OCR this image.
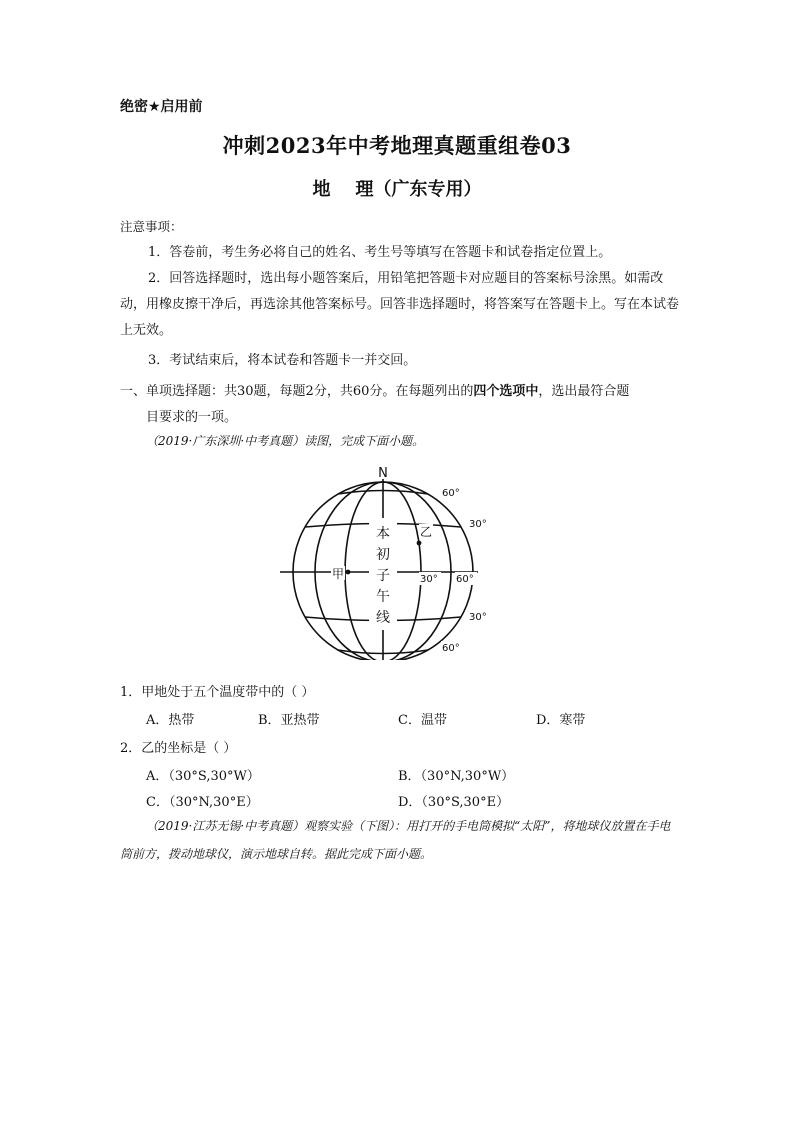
绝密★启用前
冲刺2023年中考地理真题重组卷03
地    理（广东专用）
注意事项：
1．答卷前，考生务必将自己的姓名、考生号等填写在答题卡和试卷指定位置上。
2．回答选择题时，选出每小题答案后，用铅笔把答题卡对应题目的答案标号涂黑。如需改动，用橡皮擦干净后，再选涂其他答案标号。回答非选择题时，将答案写在答题卡上。写在本试卷上无效。
3．考试结束后，将本试卷和答题卡一并交回。
一、单项选择题：共30题，每题2分，共60分。在每题列出的四个选项中，选出最符合题
目要求的一项。
（2019·广东深圳·中考真题）读图，完成下面小题。
本
初
子
午
线
N
甲
乙
60°
30°
60°
30°
60°
30°
1．甲地处于五个温度带中的（ ）
A．热带	B．亚热带	C．温带	D．寒带
2．乙的坐标是（ ）
A．（30°S,30°W）	B．（30°N,30°W）
C．（30°N,30°E）	D．（30°S,30°E）
（2019·江苏无锡·中考真题）观察实验（下图）：用打开的手电筒模拟“太阳”，将地球仪放置在手电筒前方，拨动地球仪，演示地球自转。据此完成下面小题。
